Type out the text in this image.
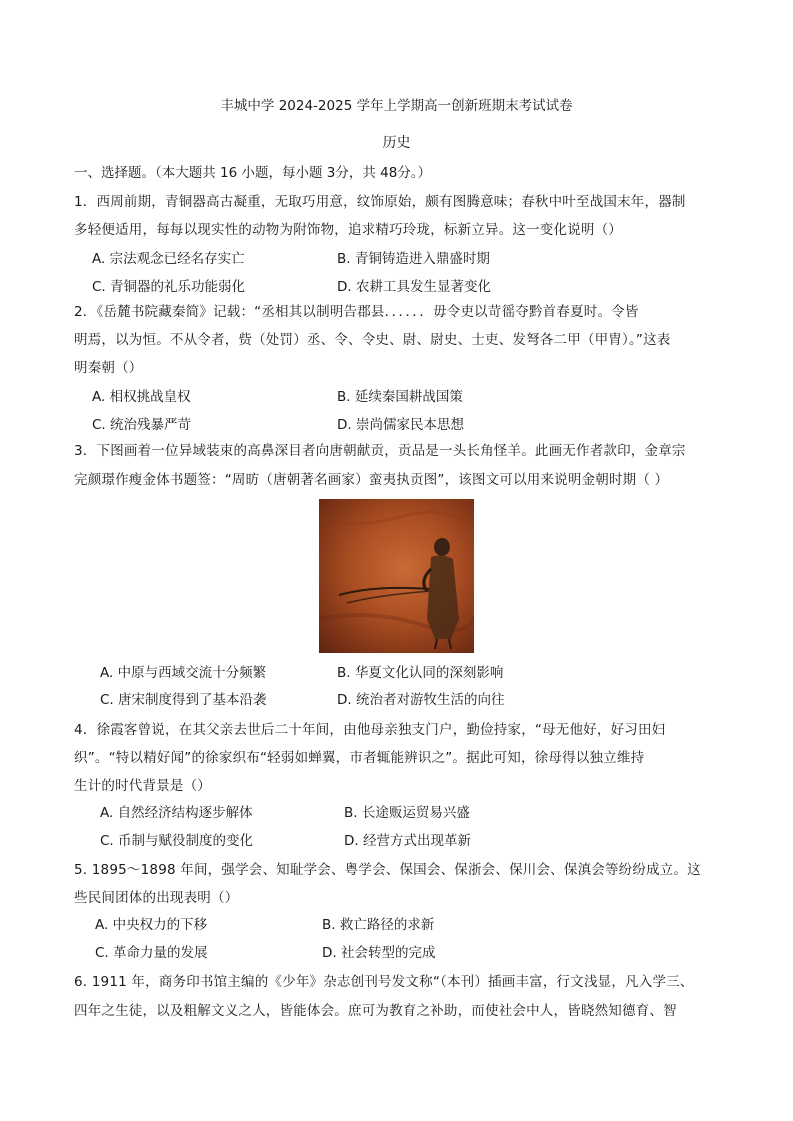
丰城中学 2024-2025 学年上学期高一创新班期末考试试卷
历史
一、选择题。（本大题共 16 小题，每小题 3分，共 48分。）
1．西周前期，青铜器高古凝重，无取巧用意，纹饰原始，颇有图腾意味；春秋中叶至战国末年，器制
多轻便适用，每每以现实性的动物为附饰物，追求精巧玲珑，标新立异。这一变化说明（）
A. 宗法观念已经名存实亡	B. 青铜铸造进入鼎盛时期
C. 青铜器的礼乐功能弱化	D. 农耕工具发生显著变化
2．《岳麓书院藏秦简》记载：“丞相其以制明告郡县．．．．．．毋令吏以苛徭夺黔首春夏时。令皆
明焉，以为恒。不从令者，赀（处罚）丞、令、令史、尉、尉史、士吏、发弩各二甲（甲胄）。”这表
明秦朝（）
A. 相权挑战皇权	B. 延续秦国耕战国策
C. 统治残暴严苛	D. 崇尚儒家民本思想
3．下图画着一位异域装束的高鼻深目者向唐朝献贡，贡品是一头长角怪羊。此画无作者款印，金章宗
完颜璟作瘦金体书题签：“周昉（唐朝著名画家）蛮夷执贡图”，该图文可以用来说明金朝时期（ ）
A. 中原与西域交流十分频繁	B. 华夏文化认同的深刻影响
C. 唐宋制度得到了基本沿袭	D. 统治者对游牧生活的向往
4．徐霞客曾说，在其父亲去世后二十年间，由他母亲独支门户，勤俭持家，“母无他好，好习田妇
织”。“特以精好闻”的徐家织布“轻弱如蝉翼，市者辄能辨识之”。据此可知，徐母得以独立维持
生计的时代背景是（）
A. 自然经济结构逐步解体	B. 长途贩运贸易兴盛
C. 币制与赋役制度的变化	D. 经营方式出现革新
5. 1895～1898 年间，强学会、知耻学会、粤学会、保国会、保浙会、保川会、保滇会等纷纷成立。这
些民间团体的出现表明（）
A. 中央权力的下移	B. 救亡路径的求新
C. 革命力量的发展	D. 社会转型的完成
6. 1911 年，商务印书馆主编的《少年》杂志创刊号发文称“（本刊）插画丰富，行文浅显，凡入学三、
四年之生徒，以及粗解文义之人，皆能体会。庶可为教育之补助，而使社会中人，皆晓然知德育、智
